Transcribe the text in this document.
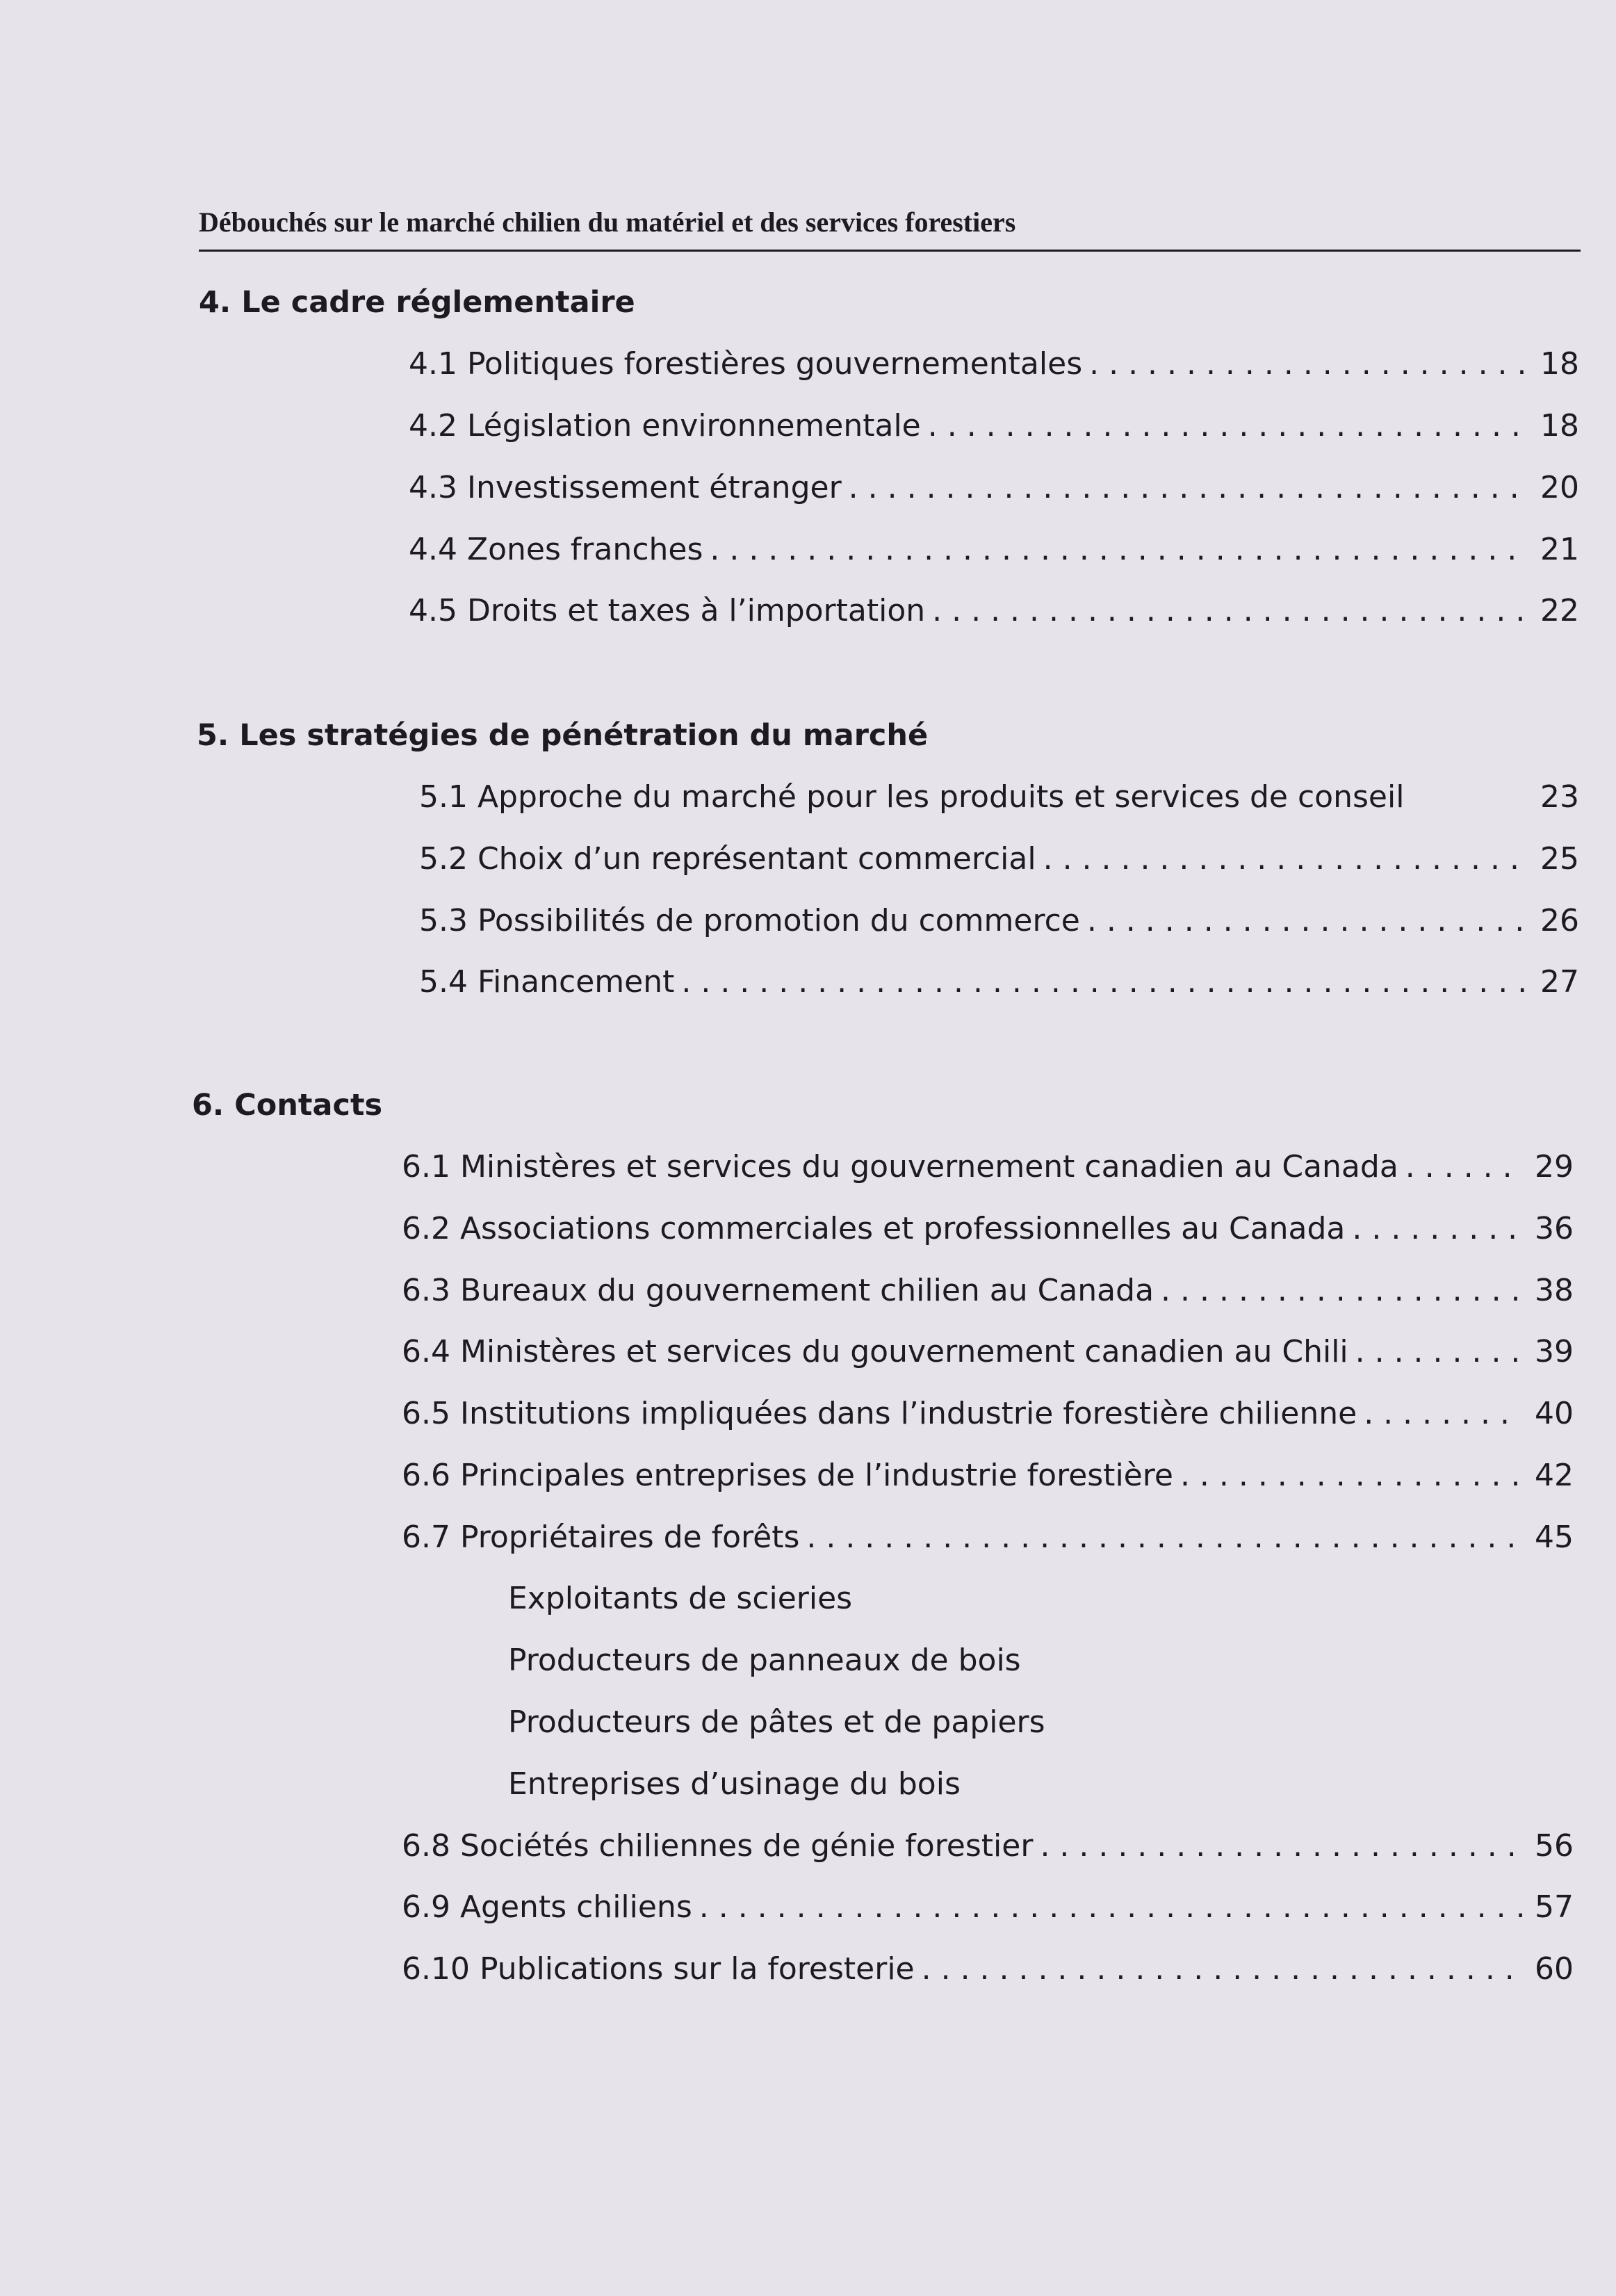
Débouchés sur le marché chilien du matériel et des services forestiers
4. Le cadre réglementaire
4.1 Politiques forestières gouvernementales . . .	18
4.2 Législation environnementale . . .	18
4.3 Investissement étranger . . .	20
4.4 Zones franches . . .	21
4.5 Droits et taxes à l’importation . . .	22
5. Les stratégies de pénétration du marché
5.1 Approche du marché pour les produits et services de conseil	23
5.2 Choix d’un représentant commercial . . .	25
5.3 Possibilités de promotion du commerce . . .	26
5.4 Financement . . .	27
6. Contacts
6.1 Ministères et services du gouvernement canadien au Canada . . .	29
6.2 Associations commerciales et professionnelles au Canada . . .	36
6.3 Bureaux du gouvernement chilien au Canada . . .	38
6.4 Ministères et services du gouvernement canadien au Chili . . .	39
6.5 Institutions impliquées dans l’industrie forestière chilienne . . .	40
6.6 Principales entreprises de l’industrie forestière . . .	42
6.7 Propriétaires de forêts . . .	45
Exploitants de scieries
Producteurs de panneaux de bois
Producteurs de pâtes et de papiers
Entreprises d’usinage du bois
6.8 Sociétés chiliennes de génie forestier . . .	56
6.9 Agents chiliens . . .	57
6.10 Publications sur la foresterie . . .	60
